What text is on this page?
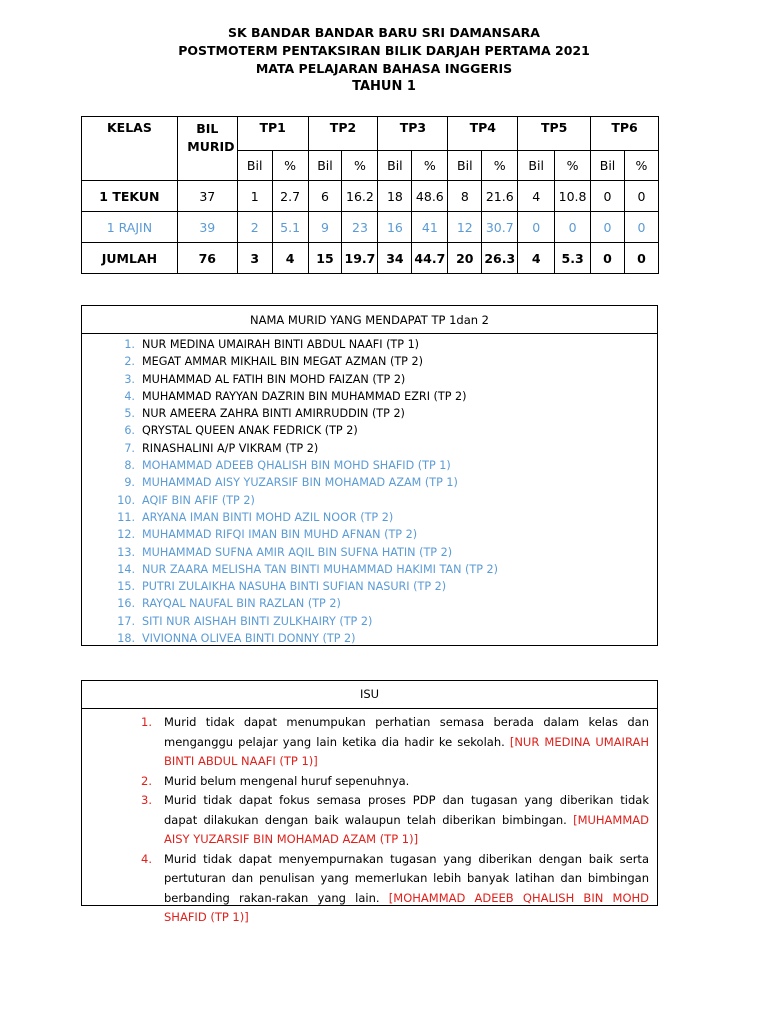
SK BANDAR BANDAR BARU SRI DAMANSARA
POSTMOTERM PENTAKSIRAN BILIK DARJAH PERTAMA 2021
MATA PELAJARAN BAHASA INGGERIS
TAHUN 1
KELAS	BIL MURID	TP1		TP2		TP3		TP4		TP5		TP6	
		Bil	%	Bil	%	Bil	%	Bil	%	Bil	%	Bil	%
1 TEKUN	37	1	2.7	6	16.2	18	48.6	8	21.6	4	10.8	0	0
1 RAJIN	39	2	5.1	9	23	16	41	12	30.7	0	0	0	0
JUMLAH	76	3	4	15	19.7	34	44.7	20	26.3	4	5.3	0	0
NAMA MURID YANG MENDAPAT TP 1dan 2
1. NUR MEDINA UMAIRAH BINTI ABDUL NAAFI (TP 1)
2. MEGAT AMMAR MIKHAIL BIN MEGAT AZMAN (TP 2)
3. MUHAMMAD AL FATIH BIN MOHD FAIZAN (TP 2)
4. MUHAMMAD RAYYAN DAZRIN BIN MUHAMMAD EZRI (TP 2)
5. NUR AMEERA ZAHRA BINTI AMIRRUDDIN (TP 2)
6. QRYSTAL QUEEN ANAK FEDRICK (TP 2)
7. RINASHALINI A/P VIKRAM (TP 2)
8. MOHAMMAD ADEEB QHALISH BIN MOHD SHAFID (TP 1)
9. MUHAMMAD AISY YUZARSIF BIN MOHAMAD AZAM (TP 1)
10. AQIF BIN AFIF (TP 2)
11. ARYANA IMAN BINTI MOHD AZIL NOOR (TP 2)
12. MUHAMMAD RIFQI IMAN BIN MUHD AFNAN (TP 2)
13. MUHAMMAD SUFNA AMIR AQIL BIN SUFNA HATIN (TP 2)
14. NUR ZAARA MELISHA TAN BINTI MUHAMMAD HAKIMI TAN (TP 2)
15. PUTRI ZULAIKHA NASUHA BINTI SUFIAN NASURI (TP 2)
16. RAYQAL NAUFAL BIN RAZLAN (TP 2)
17. SITI NUR AISHAH BINTI ZULKHAIRY (TP 2)
18. VIVIONNA OLIVEA BINTI DONNY (TP 2)
ISU
1. Murid tidak dapat menumpukan perhatian semasa berada dalam kelas dan menganggu pelajar yang lain ketika dia hadir ke sekolah. [NUR MEDINA UMAIRAH BINTI ABDUL NAAFI (TP 1)]
2. Murid belum mengenal huruf sepenuhnya.
3. Murid tidak dapat fokus semasa proses PDP dan tugasan yang diberikan tidak dapat dilakukan dengan baik walaupun telah diberikan bimbingan. [MUHAMMAD AISY YUZARSIF BIN MOHAMAD AZAM (TP 1)]
4. Murid tidak dapat menyempurnakan tugasan yang diberikan dengan baik serta pertuturan dan penulisan yang memerlukan lebih banyak latihan dan bimbingan berbanding rakan-rakan yang lain. [MOHAMMAD ADEEB QHALISH BIN MOHD SHAFID (TP 1)]
